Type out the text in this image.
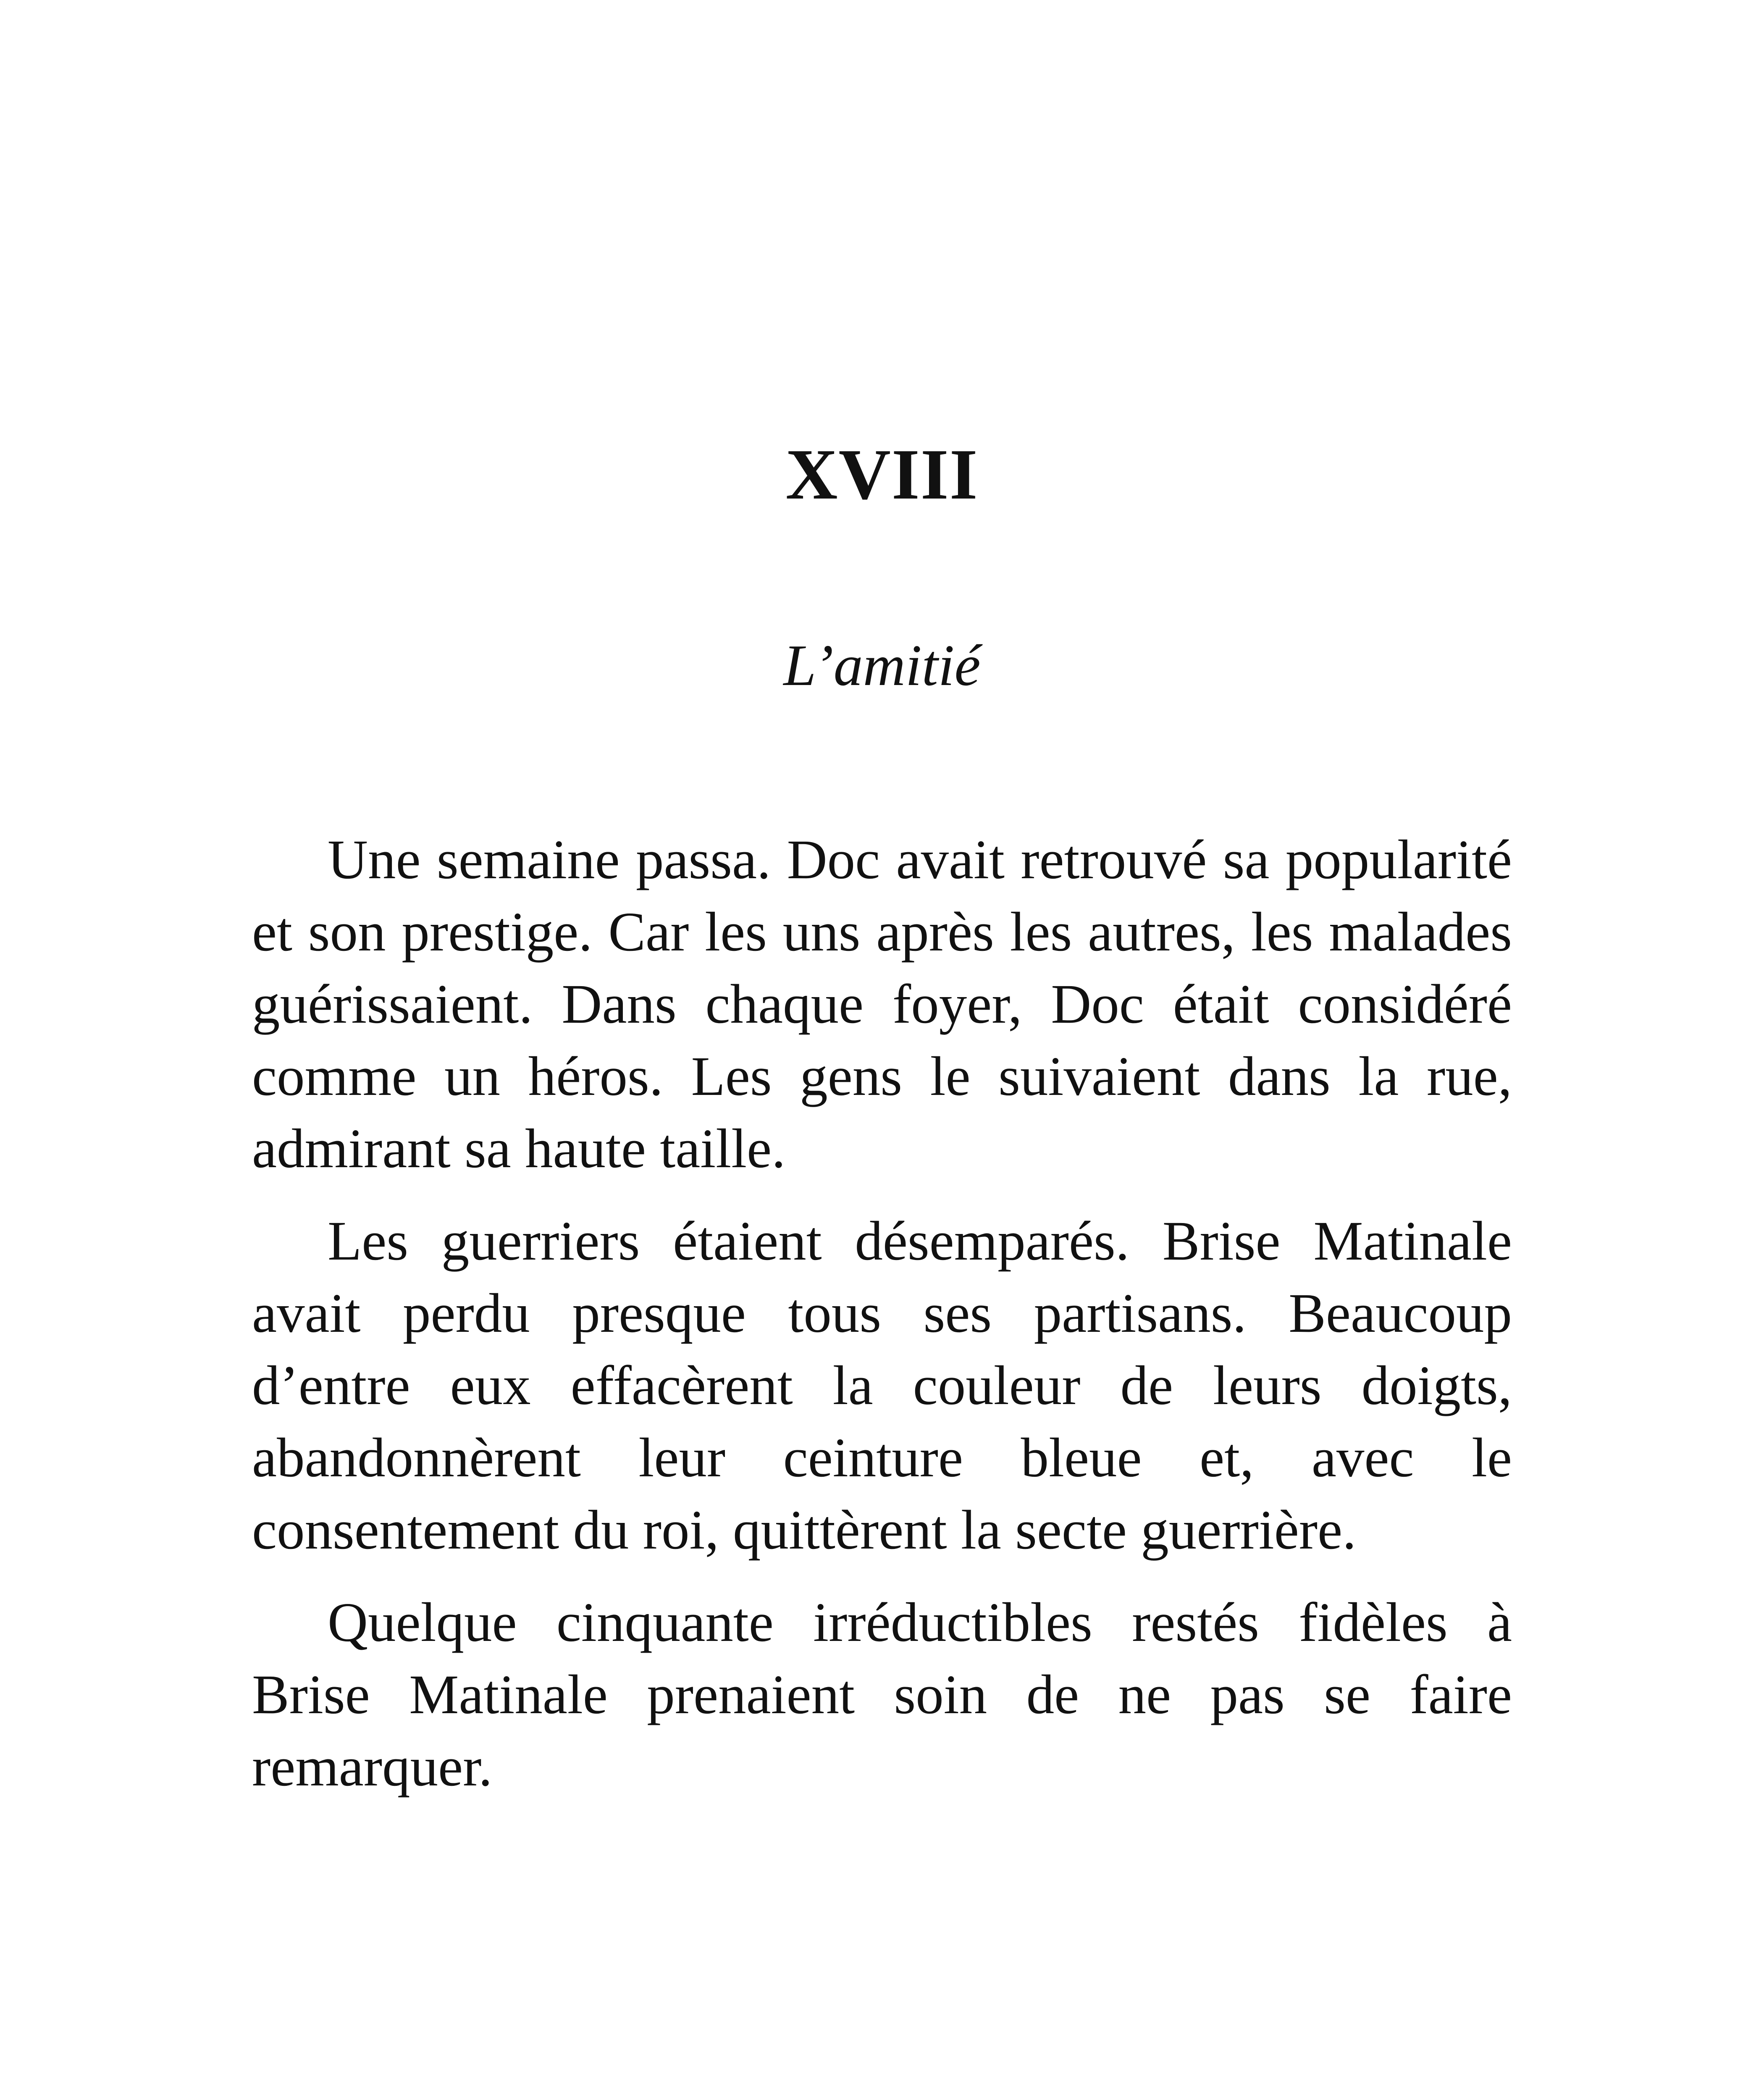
XVIII
L’amitié

Une semaine passa. Doc avait retrouvé sa popularité et son prestige. Car les uns après les autres, les malades guérissaient. Dans chaque foyer, Doc était considéré comme un héros. Les gens le suivaient dans la rue, admirant sa haute taille.

Les guerriers étaient désemparés. Brise Matinale avait perdu presque tous ses partisans. Beaucoup d’entre eux effacèrent la couleur de leurs doigts, abandonnèrent leur ceinture bleue et, avec le consentement du roi, quittèrent la secte guerrière.

Quelque cinquante irréductibles restés fidèles à Brise Matinale prenaient soin de ne pas se faire remarquer.
